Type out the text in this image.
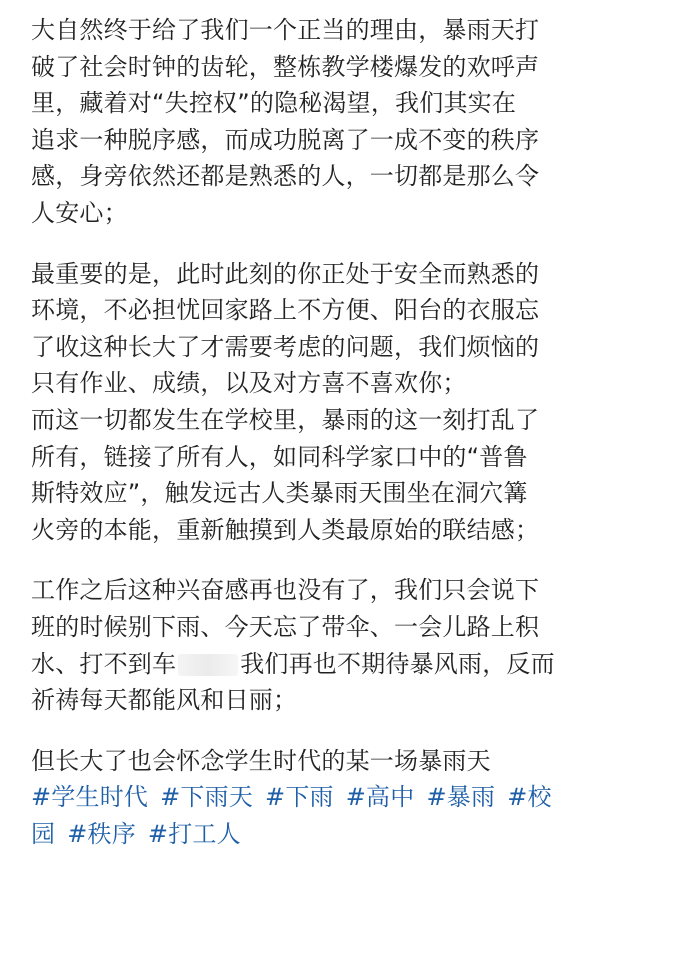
大自然终于给了我们一个正当的理由，暴雨天打
破了社会时钟的齿轮，整栋教学楼爆发的欢呼声
里，藏着对“失控权”的隐秘渴望，我们其实在
追求一种脱序感，而成功脱离了一成不变的秩序
感，身旁依然还都是熟悉的人，一切都是那么令
人安心；

最重要的是，此时此刻的你正处于安全而熟悉的
环境，不必担忧回家路上不方便、阳台的衣服忘
了收这种长大了才需要考虑的问题，我们烦恼的
只有作业、成绩，以及对方喜不喜欢你；

而这一切都发生在学校里，暴雨的这一刻打乱了
所有，链接了所有人，如同科学家口中的“普鲁
斯特效应”，触发远古人类暴雨天围坐在洞穴篝
火旁的本能，重新触摸到人类最原始的联结感；

工作之后这种兴奋感再也没有了，我们只会说下
班的时候别下雨、今天忘了带伞、一会儿路上积
水、打不到车	我们再也不期待暴风雨，反而
祈祷每天都能风和日丽；

但长大了也会怀念学生时代的某一场暴雨天

#学生时代 #下雨天 #下雨 #高中 #暴雨 #校
园 #秩序 #打工人
